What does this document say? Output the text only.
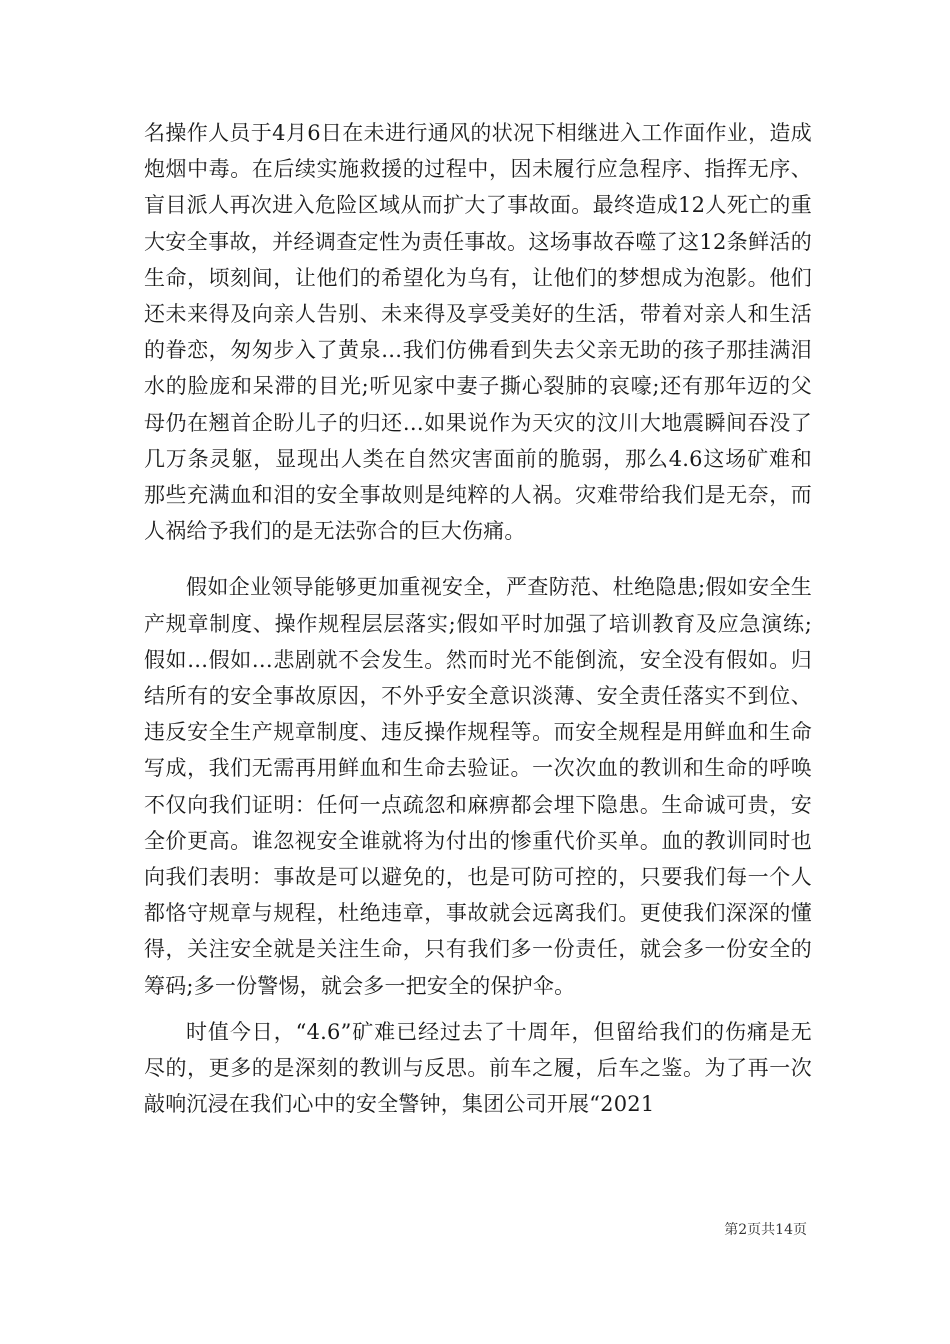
名操作人员于4月6日在未进行通风的状况下相继进入工作面作业，造成炮烟中毒。在后续实施救援的过程中，因未履行应急程序、指挥无序、盲目派人再次进入危险区域从而扩大了事故面。最终造成12人死亡的重大安全事故，并经调查定性为责任事故。这场事故吞噬了这12条鲜活的生命，顷刻间，让他们的希望化为乌有，让他们的梦想成为泡影。他们还未来得及向亲人告别、未来得及享受美好的生活，带着对亲人和生活的眷恋，匆匆步入了黄泉…我们仿佛看到失去父亲无助的孩子那挂满泪水的脸庞和呆滞的目光;听见家中妻子撕心裂肺的哀嚎;还有那年迈的父母仍在翘首企盼儿子的归还…如果说作为天灾的汶川大地震瞬间吞没了几万条灵躯，显现出人类在自然灾害面前的脆弱，那么4.6这场矿难和那些充满血和泪的安全事故则是纯粹的人祸。灾难带给我们是无奈，而人祸给予我们的是无法弥合的巨大伤痛。

假如企业领导能够更加重视安全，严查防范、杜绝隐患;假如安全生产规章制度、操作规程层层落实;假如平时加强了培训教育及应急演练;假如…假如…悲剧就不会发生。然而时光不能倒流，安全没有假如。归结所有的安全事故原因，不外乎安全意识淡薄、安全责任落实不到位、违反安全生产规章制度、违反操作规程等。而安全规程是用鲜血和生命写成，我们无需再用鲜血和生命去验证。一次次血的教训和生命的呼唤不仅向我们证明：任何一点疏忽和麻痹都会埋下隐患。生命诚可贵，安全价更高。谁忽视安全谁就将为付出的惨重代价买单。血的教训同时也向我们表明：事故是可以避免的，也是可防可控的，只要我们每一个人都恪守规章与规程，杜绝违章，事故就会远离我们。更使我们深深的懂得，关注安全就是关注生命，只有我们多一份责任，就会多一份安全的筹码;多一份警惕，就会多一把安全的保护伞。

时值今日，“4.6”矿难已经过去了十周年，但留给我们的伤痛是无尽的，更多的是深刻的教训与反思。前车之履，后车之鉴。为了再一次敲响沉浸在我们心中的安全警钟，集团公司开展“2021

第2页共14页
